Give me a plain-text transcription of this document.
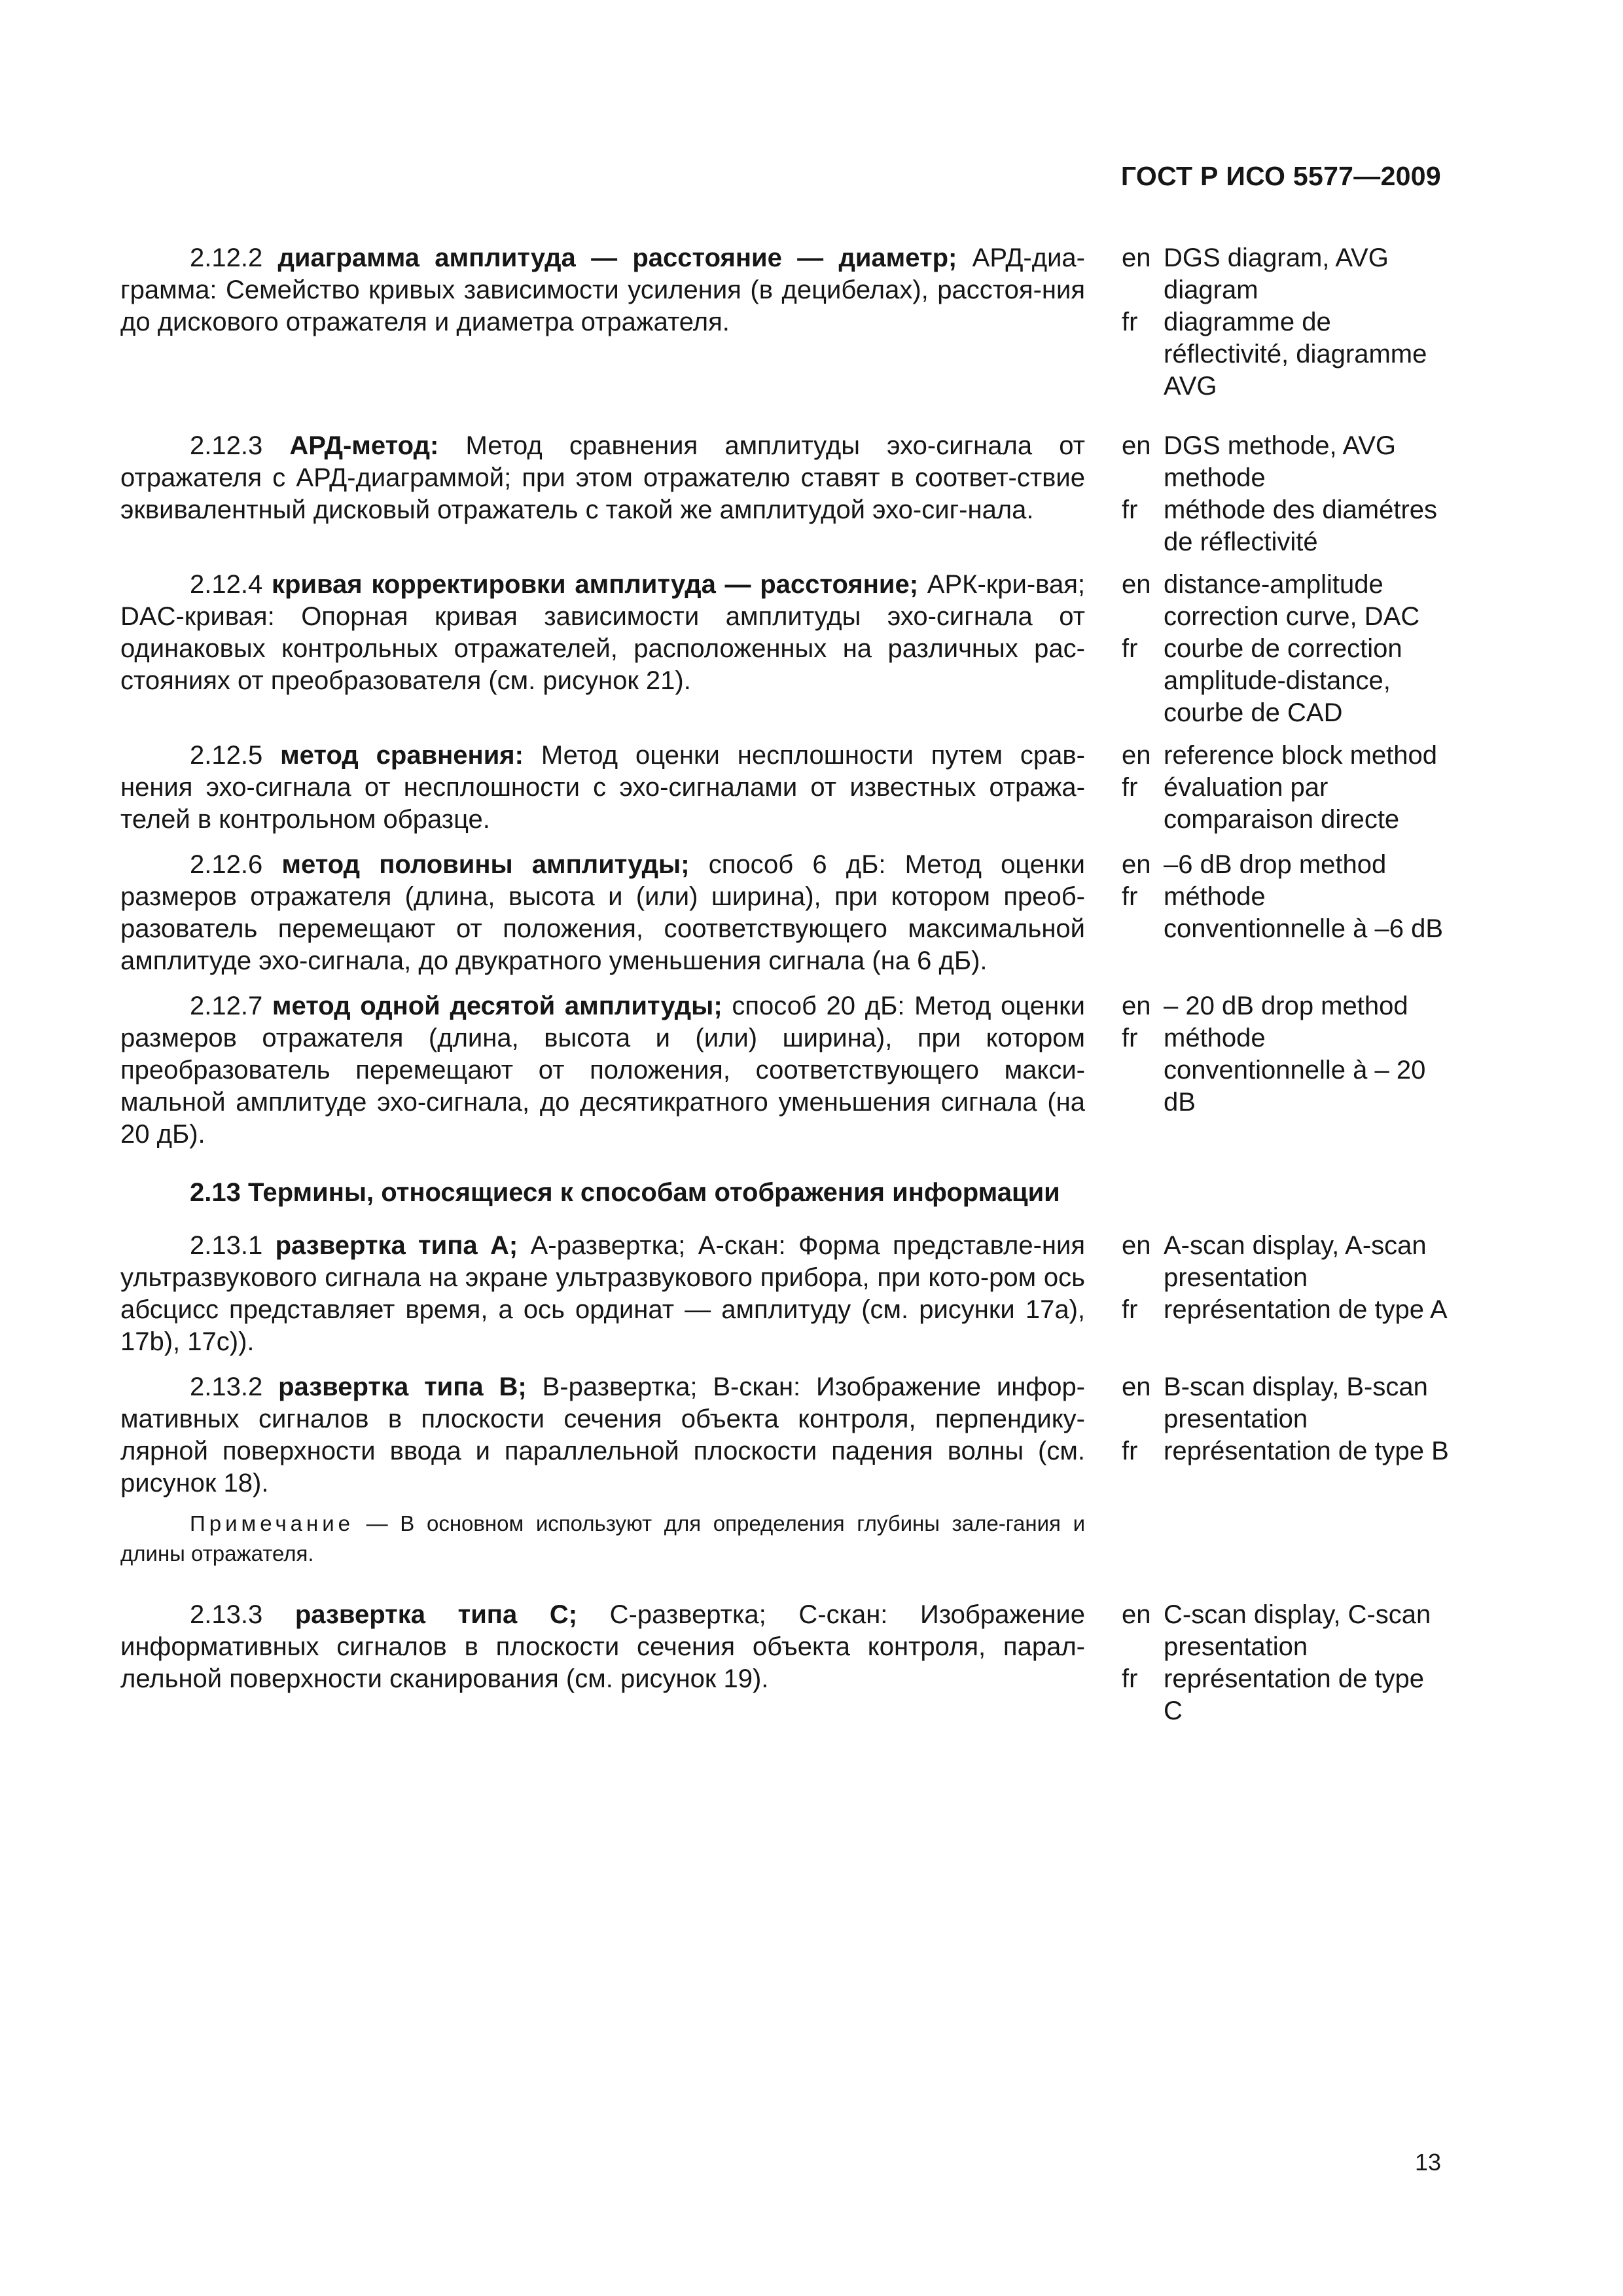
ГОСТ Р ИСО 5577—2009

2.12.2 диаграмма амплитуда — расстояние — диаметр; АРД-диа-грамма: Семейство кривых зависимости усиления (в децибелах), расстоя-ния до дискового отражателя и диаметра отражателя.

en DGS diagram, AVG diagram
fr diagramme de réflectivité, diagramme AVG

2.12.3 АРД-метод: Метод сравнения амплитуды эхо-сигнала от отражателя с АРД-диаграммой; при этом отражателю ставят в соответ-ствие эквивалентный дисковый отражатель с такой же амплитудой эхо-сиг-нала.

en DGS methode, AVG methode
fr méthode des diamétres de réflectivité

2.12.4 кривая корректировки амплитуда — расстояние; АРК-кри-вая; DAC-кривая: Опорная кривая зависимости амплитуды эхо-сигнала от одинаковых контрольных отражателей, расположенных на различных рас-стояниях от преобразователя (см. рисунок 21).

en distance-amplitude correction curve, DAC
fr courbe de correction amplitude-distance, courbe de CAD

2.12.5 метод сравнения: Метод оценки несплошности путем срав-нения эхо-сигнала от несплошности с эхо-сигналами от известных отража-телей в контрольном образце.

en reference block method
fr évaluation par comparaison directe

2.12.6 метод половины амплитуды; способ 6 дБ: Метод оценки размеров отражателя (длина, высота и (или) ширина), при котором преоб-разователь перемещают от положения, соответствующего максимальной амплитуде эхо-сигнала, до двукратного уменьшения сигнала (на 6 дБ).

en –6 dB drop method
fr méthode conventionnelle à –6 dB

2.12.7 метод одной десятой амплитуды; способ 20 дБ: Метод оценки размеров отражателя (длина, высота и (или) ширина), при котором преобразователь перемещают от положения, соответствующего макси-мальной амплитуде эхо-сигнала, до десятикратного уменьшения сигнала (на 20 дБ).

en – 20 dB drop method
fr méthode conventionnelle à – 20 dB

2.13 Термины, относящиеся к способам отображения информации

2.13.1 развертка типа А; А-развертка; А-скан: Форма представле-ния ультразвукового сигнала на экране ультразвукового прибора, при кото-ром ось абсцисс представляет время, а ось ординат — амплитуду (см. рисунки 17а), 17b), 17c)).

en A-scan display, A-scan presentation
fr représentation de type A

2.13.2 развертка типа В; В-развертка; В-скан: Изображение инфор-мативных сигналов в плоскости сечения объекта контроля, перпендику-лярной поверхности ввода и параллельной плоскости падения волны (см. рисунок 18).

en B-scan display, B-scan presentation
fr représentation de type B

Примечание — В основном используют для определения глубины зале-гания и длины отражателя.

2.13.3 развертка типа С; С-развертка; С-скан: Изображение информативных сигналов в плоскости сечения объекта контроля, парал-лельной поверхности сканирования (см. рисунок 19).

en C-scan display, C-scan presentation
fr représentation de type C
13
